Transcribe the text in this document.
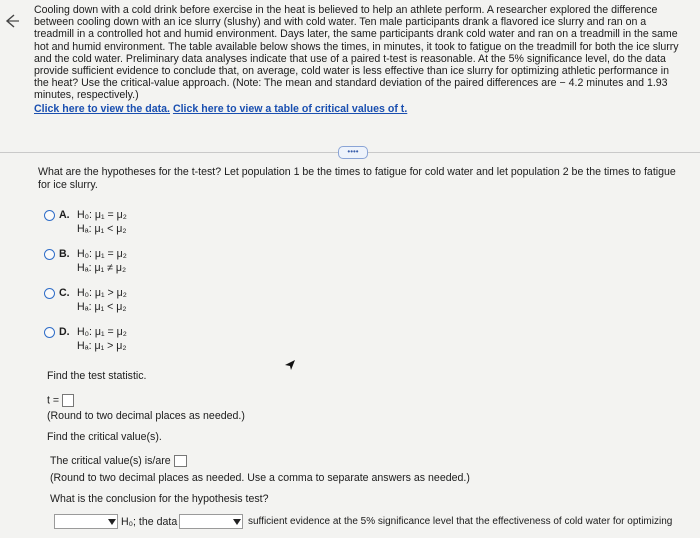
Cooling down with a cold drink before exercise in the heat is believed to help an athlete perform. A researcher explored the difference between cooling down with an ice slurry (slushy) and with cold water. Ten male participants drank a flavored ice slurry and ran on a treadmill in a controlled hot and humid environment. Days later, the same participants drank cold water and ran on a treadmill in the same hot and humid environment. The table available below shows the times, in minutes, it took to fatigue on the treadmill for both the ice slurry and the cold water. Preliminary data analyses indicate that use of a paired t-test is reasonable. At the 5% significance level, do the data provide sufficient evidence to conclude that, on average, cold water is less effective than ice slurry for optimizing athletic performance in the heat? Use the critical-value approach. (Note: The mean and standard deviation of the paired differences are − 4.2 minutes and 1.93 minutes, respectively.)

Click here to view the data. Click here to view a table of critical values of t.
••••
What are the hypotheses for the t-test? Let population 1 be the times to fatigue for cold water and let population 2 be the times to fatigue for ice slurry.
A. H₀: μ₁ = μ₂
Hₐ: μ₁ < μ₂
B. H₀: μ₁ = μ₂
Hₐ: μ₁ ≠ μ₂
C. H₀: μ₁ > μ₂
Hₐ: μ₁ < μ₂
D. H₀: μ₁ = μ₂
Hₐ: μ₁ > μ₂
Find the test statistic.
t =
(Round to two decimal places as needed.)
Find the critical value(s).
The critical value(s) is/are
(Round to two decimal places as needed. Use a comma to separate answers as needed.)
What is the conclusion for the hypothesis test?
H₀; the data	sufficient evidence at the 5% significance level that the effectiveness of cold water for optimizing
